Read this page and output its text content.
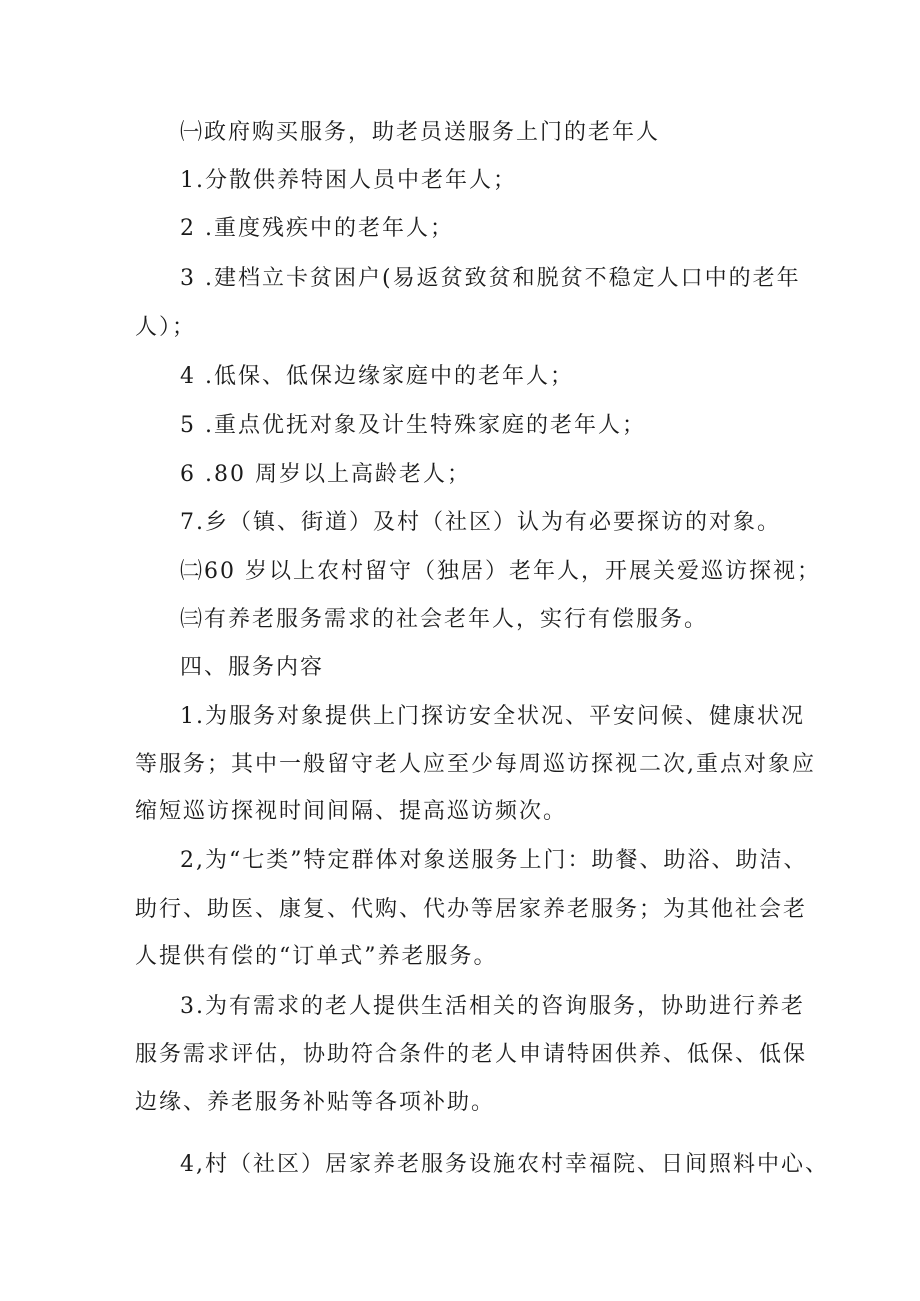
㈠政府购买服务，助老员送服务上门的老年人
1.分散供养特困人员中老年人；
2 .重度残疾中的老年人；
3 .建档立卡贫困户(易返贫致贫和脱贫不稳定人口中的老年
人）；
4 .低保、低保边缘家庭中的老年人；
5 .重点优抚对象及计生特殊家庭的老年人；
6 .80 周岁以上高龄老人；
7.乡（镇、街道）及村（社区）认为有必要探访的对象。
㈡60 岁以上农村留守（独居）老年人，开展关爱巡访探视；
㈢有养老服务需求的社会老年人，实行有偿服务。
四、服务内容
1.为服务对象提供上门探访安全状况、平安问候、健康状况
等服务；其中一般留守老人应至少每周巡访探视二次,重点对象应
缩短巡访探视时间间隔、提高巡访频次。
2,为“七类”特定群体对象送服务上门：助餐、助浴、助洁、
助行、助医、康复、代购、代办等居家养老服务；为其他社会老
人提供有偿的“订单式”养老服务。
3.为有需求的老人提供生活相关的咨询服务，协助进行养老
服务需求评估，协助符合条件的老人申请特困供养、低保、低保
边缘、养老服务补贴等各项补助。
4,村（社区）居家养老服务设施农村幸福院、日间照料中心、
